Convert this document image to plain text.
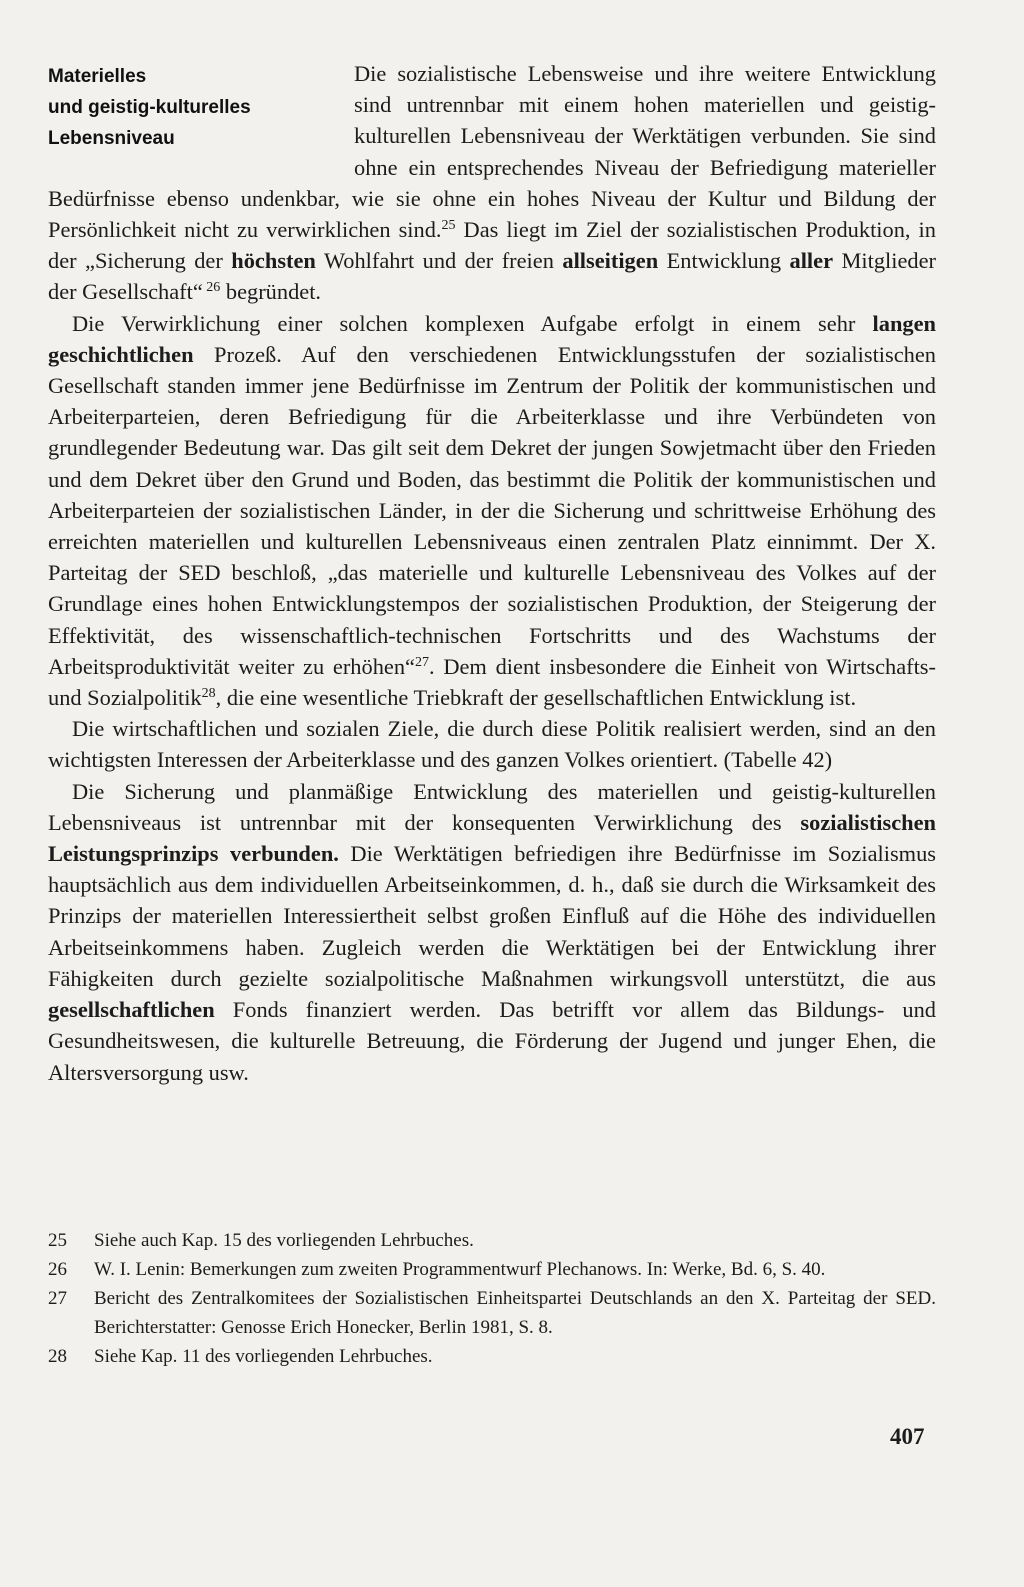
Materielles
und geistig-kulturelles
Lebensniveau

Die sozialistische Lebensweise und ihre weitere Entwicklung sind untrennbar mit einem hohen materiellen und geistig-kulturellen Lebensniveau der Werktätigen verbunden. Sie sind ohne ein entsprechendes Niveau der Befriedigung materieller Bedürfnisse ebenso undenkbar, wie sie ohne ein hohes Niveau der Kultur und Bildung der Persönlichkeit nicht zu verwirklichen sind.$^{25}$ Das liegt im Ziel der sozialistischen Produktion, in der „Sicherung der höchsten Wohlfahrt und der freien allseitigen Entwicklung aller Mitglieder der Gesellschaft“ $^{26}$ begründet.

Die Verwirklichung einer solchen komplexen Aufgabe erfolgt in einem sehr langen geschichtlichen Prozeß. Auf den verschiedenen Entwicklungsstufen der sozialistischen Gesellschaft standen immer jene Bedürfnisse im Zentrum der Politik der kommunistischen und Arbeiterparteien, deren Befriedigung für die Arbeiterklasse und ihre Verbündeten von grundlegender Bedeutung war. Das gilt seit dem Dekret der jungen Sowjetmacht über den Frieden und dem Dekret über den Grund und Boden, das bestimmt die Politik der kommunistischen und Arbeiterparteien der sozialistischen Länder, in der die Sicherung und schrittweise Erhöhung des erreichten materiellen und kulturellen Lebensniveaus einen zentralen Platz einnimmt. Der X. Parteitag der SED beschloß, „das materielle und kulturelle Lebensniveau des Volkes auf der Grundlage eines hohen Entwicklungstempos der sozialistischen Produktion, der Steigerung der Effektivität, des wissenschaftlich-technischen Fortschritts und des Wachstums der Arbeitsproduktivität weiter zu erhöhen“$^{27}$. Dem dient insbesondere die Einheit von Wirtschafts- und Sozialpolitik$^{28}$, die eine wesentliche Triebkraft der gesellschaftlichen Entwicklung ist.

Die wirtschaftlichen und sozialen Ziele, die durch diese Politik realisiert werden, sind an den wichtigsten Interessen der Arbeiterklasse und des ganzen Volkes orientiert. (Tabelle 42)

Die Sicherung und planmäßige Entwicklung des materiellen und geistig-kulturellen Lebensniveaus ist untrennbar mit der konsequenten Verwirklichung des sozialistischen Leistungsprinzips verbunden. Die Werktätigen befriedigen ihre Bedürfnisse im Sozialismus hauptsächlich aus dem individuellen Arbeitseinkommen, d. h., daß sie durch die Wirksamkeit des Prinzips der materiellen Interessiertheit selbst großen Einfluß auf die Höhe des individuellen Arbeitseinkommens haben. Zugleich werden die Werktätigen bei der Entwicklung ihrer Fähigkeiten durch gezielte sozialpolitische Maßnahmen wirkungsvoll unterstützt, die aus gesellschaftlichen Fonds finanziert werden. Das betrifft vor allem das Bildungs- und Gesundheitswesen, die kulturelle Betreuung, die Förderung der Jugend und junger Ehen, die Altersversorgung usw.

25	Siehe auch Kap. 15 des vorliegenden Lehrbuches.
26	W. I. Lenin: Bemerkungen zum zweiten Programmentwurf Plechanows. In: Werke, Bd. 6, S. 40.
27	Bericht des Zentralkomitees der Sozialistischen Einheitspartei Deutschlands an den X. Parteitag der SED. Berichterstatter: Genosse Erich Honecker, Berlin 1981, S. 8.
28	Siehe Kap. 11 des vorliegenden Lehrbuches.
407
